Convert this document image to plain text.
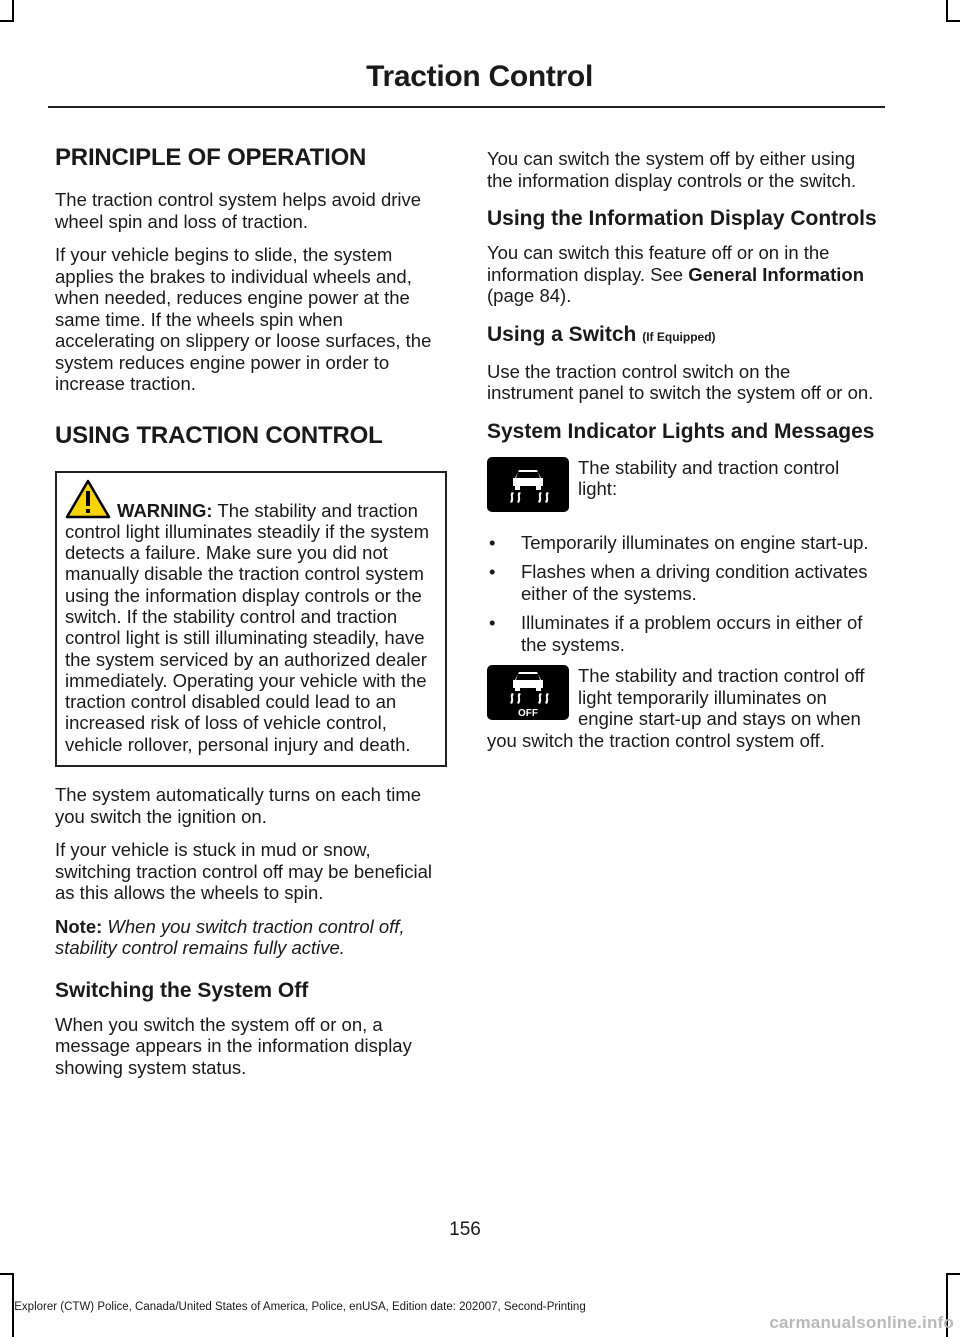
Traction Control
PRINCIPLE OF OPERATION

The traction control system helps avoid drive wheel spin and loss of traction.

If your vehicle begins to slide, the system applies the brakes to individual wheels and, when needed, reduces engine power at the same time. If the wheels spin when accelerating on slippery or loose surfaces, the system reduces engine power in order to increase traction.

USING TRACTION CONTROL
WARNING: The stability and traction control light illuminates steadily if the system detects a failure. Make sure you did not manually disable the traction control system using the information display controls or the switch. If the stability control and traction control light is still illuminating steadily, have the system serviced by an authorized dealer immediately. Operating your vehicle with the traction control disabled could lead to an increased risk of loss of vehicle control, vehicle rollover, personal injury and death.

The system automatically turns on each time you switch the ignition on.

If your vehicle is stuck in mud or snow, switching traction control off may be beneficial as this allows the wheels to spin.

Note: When you switch traction control off, stability control remains fully active.

Switching the System Off

When you switch the system off or on, a message appears in the information display showing system status.

You can switch the system off by either using the information display controls or the switch.

Using the Information Display Controls

You can switch this feature off or on in the information display. See General Information (page 84).

Using a Switch (If Equipped)

Use the traction control switch on the instrument panel to switch the system off or on.

System Indicator Lights and Messages

The stability and traction control light:

• Temporarily illuminates on engine start-up.
• Flashes when a driving condition activates either of the systems.
• Illuminates if a problem occurs in either of the systems.
OFF

The stability and traction control off light temporarily illuminates on engine start-up and stays on when you switch the traction control system off.

156
Explorer (CTW) Police, Canada/United States of America, Police, enUSA, Edition date: 202007, Second-Printing
carmanualsonline.info
